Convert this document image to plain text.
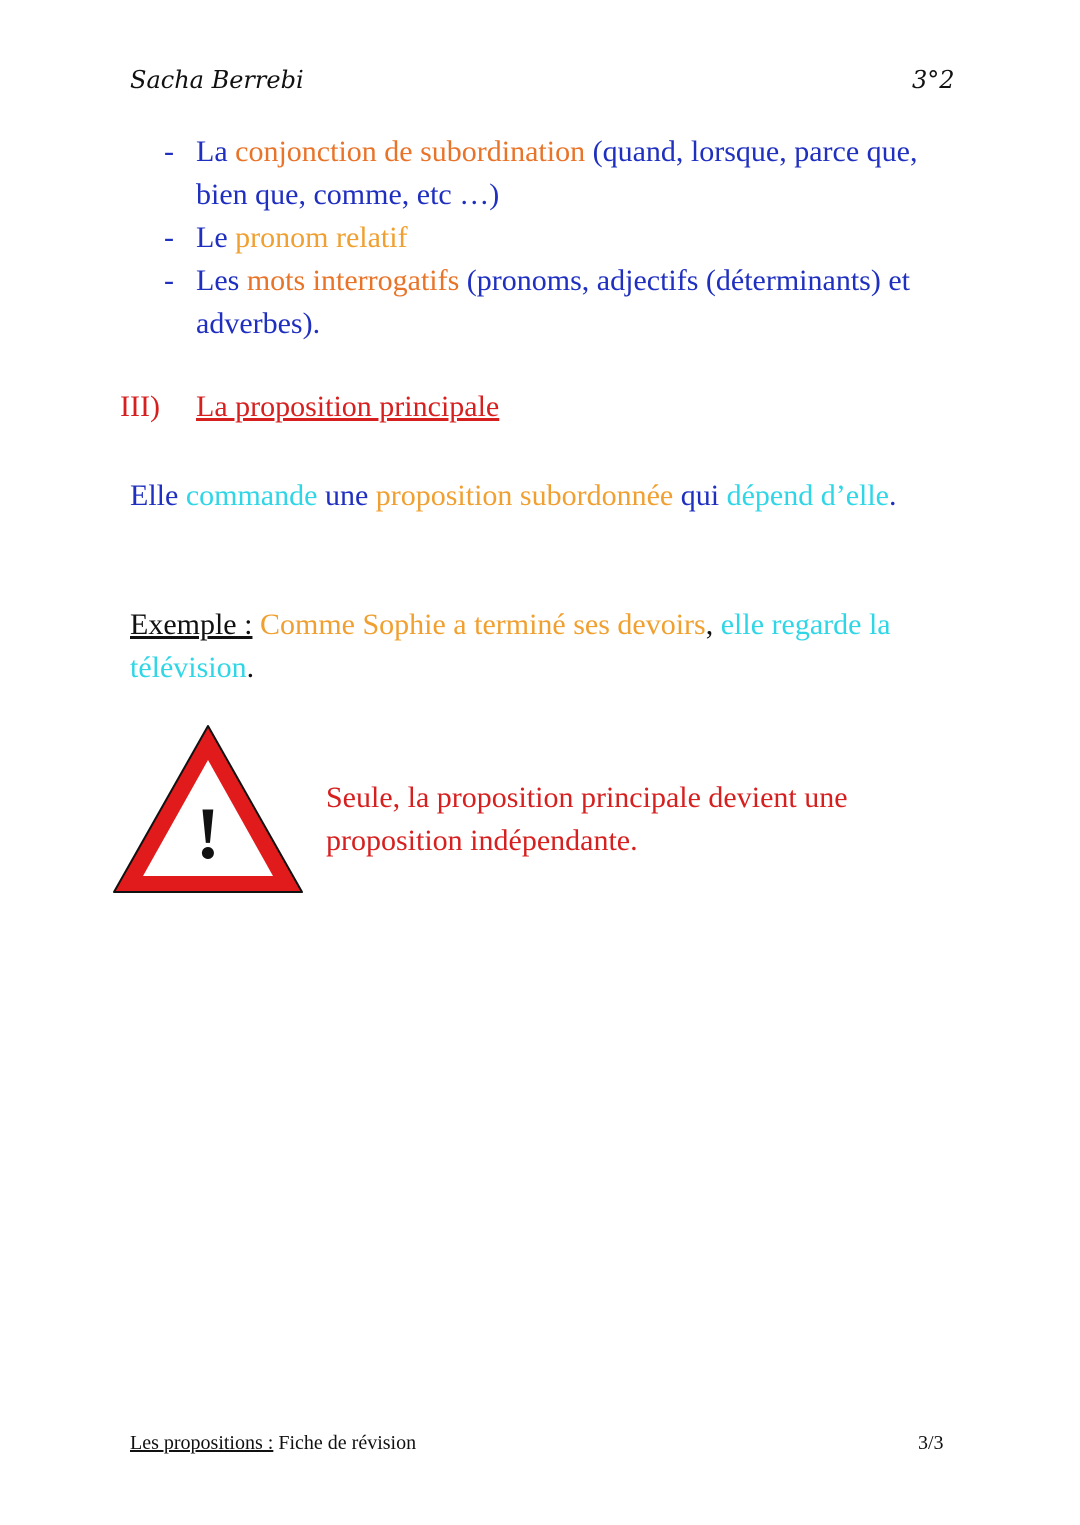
Sacha Berrebi	3°2
- La conjonction de subordination (quand, lorsque, parce que, bien que, comme, etc …)
- Le pronom relatif
- Les mots interrogatifs (pronoms, adjectifs (déterminants) et adverbes).
III) La proposition principale
Elle commande une proposition subordonnée qui dépend d’elle.
Exemple : Comme Sophie a terminé ses devoirs, elle regarde la télévision.
!	Seule, la proposition principale devient une proposition indépendante.
Les propositions : Fiche de révision	3/3
